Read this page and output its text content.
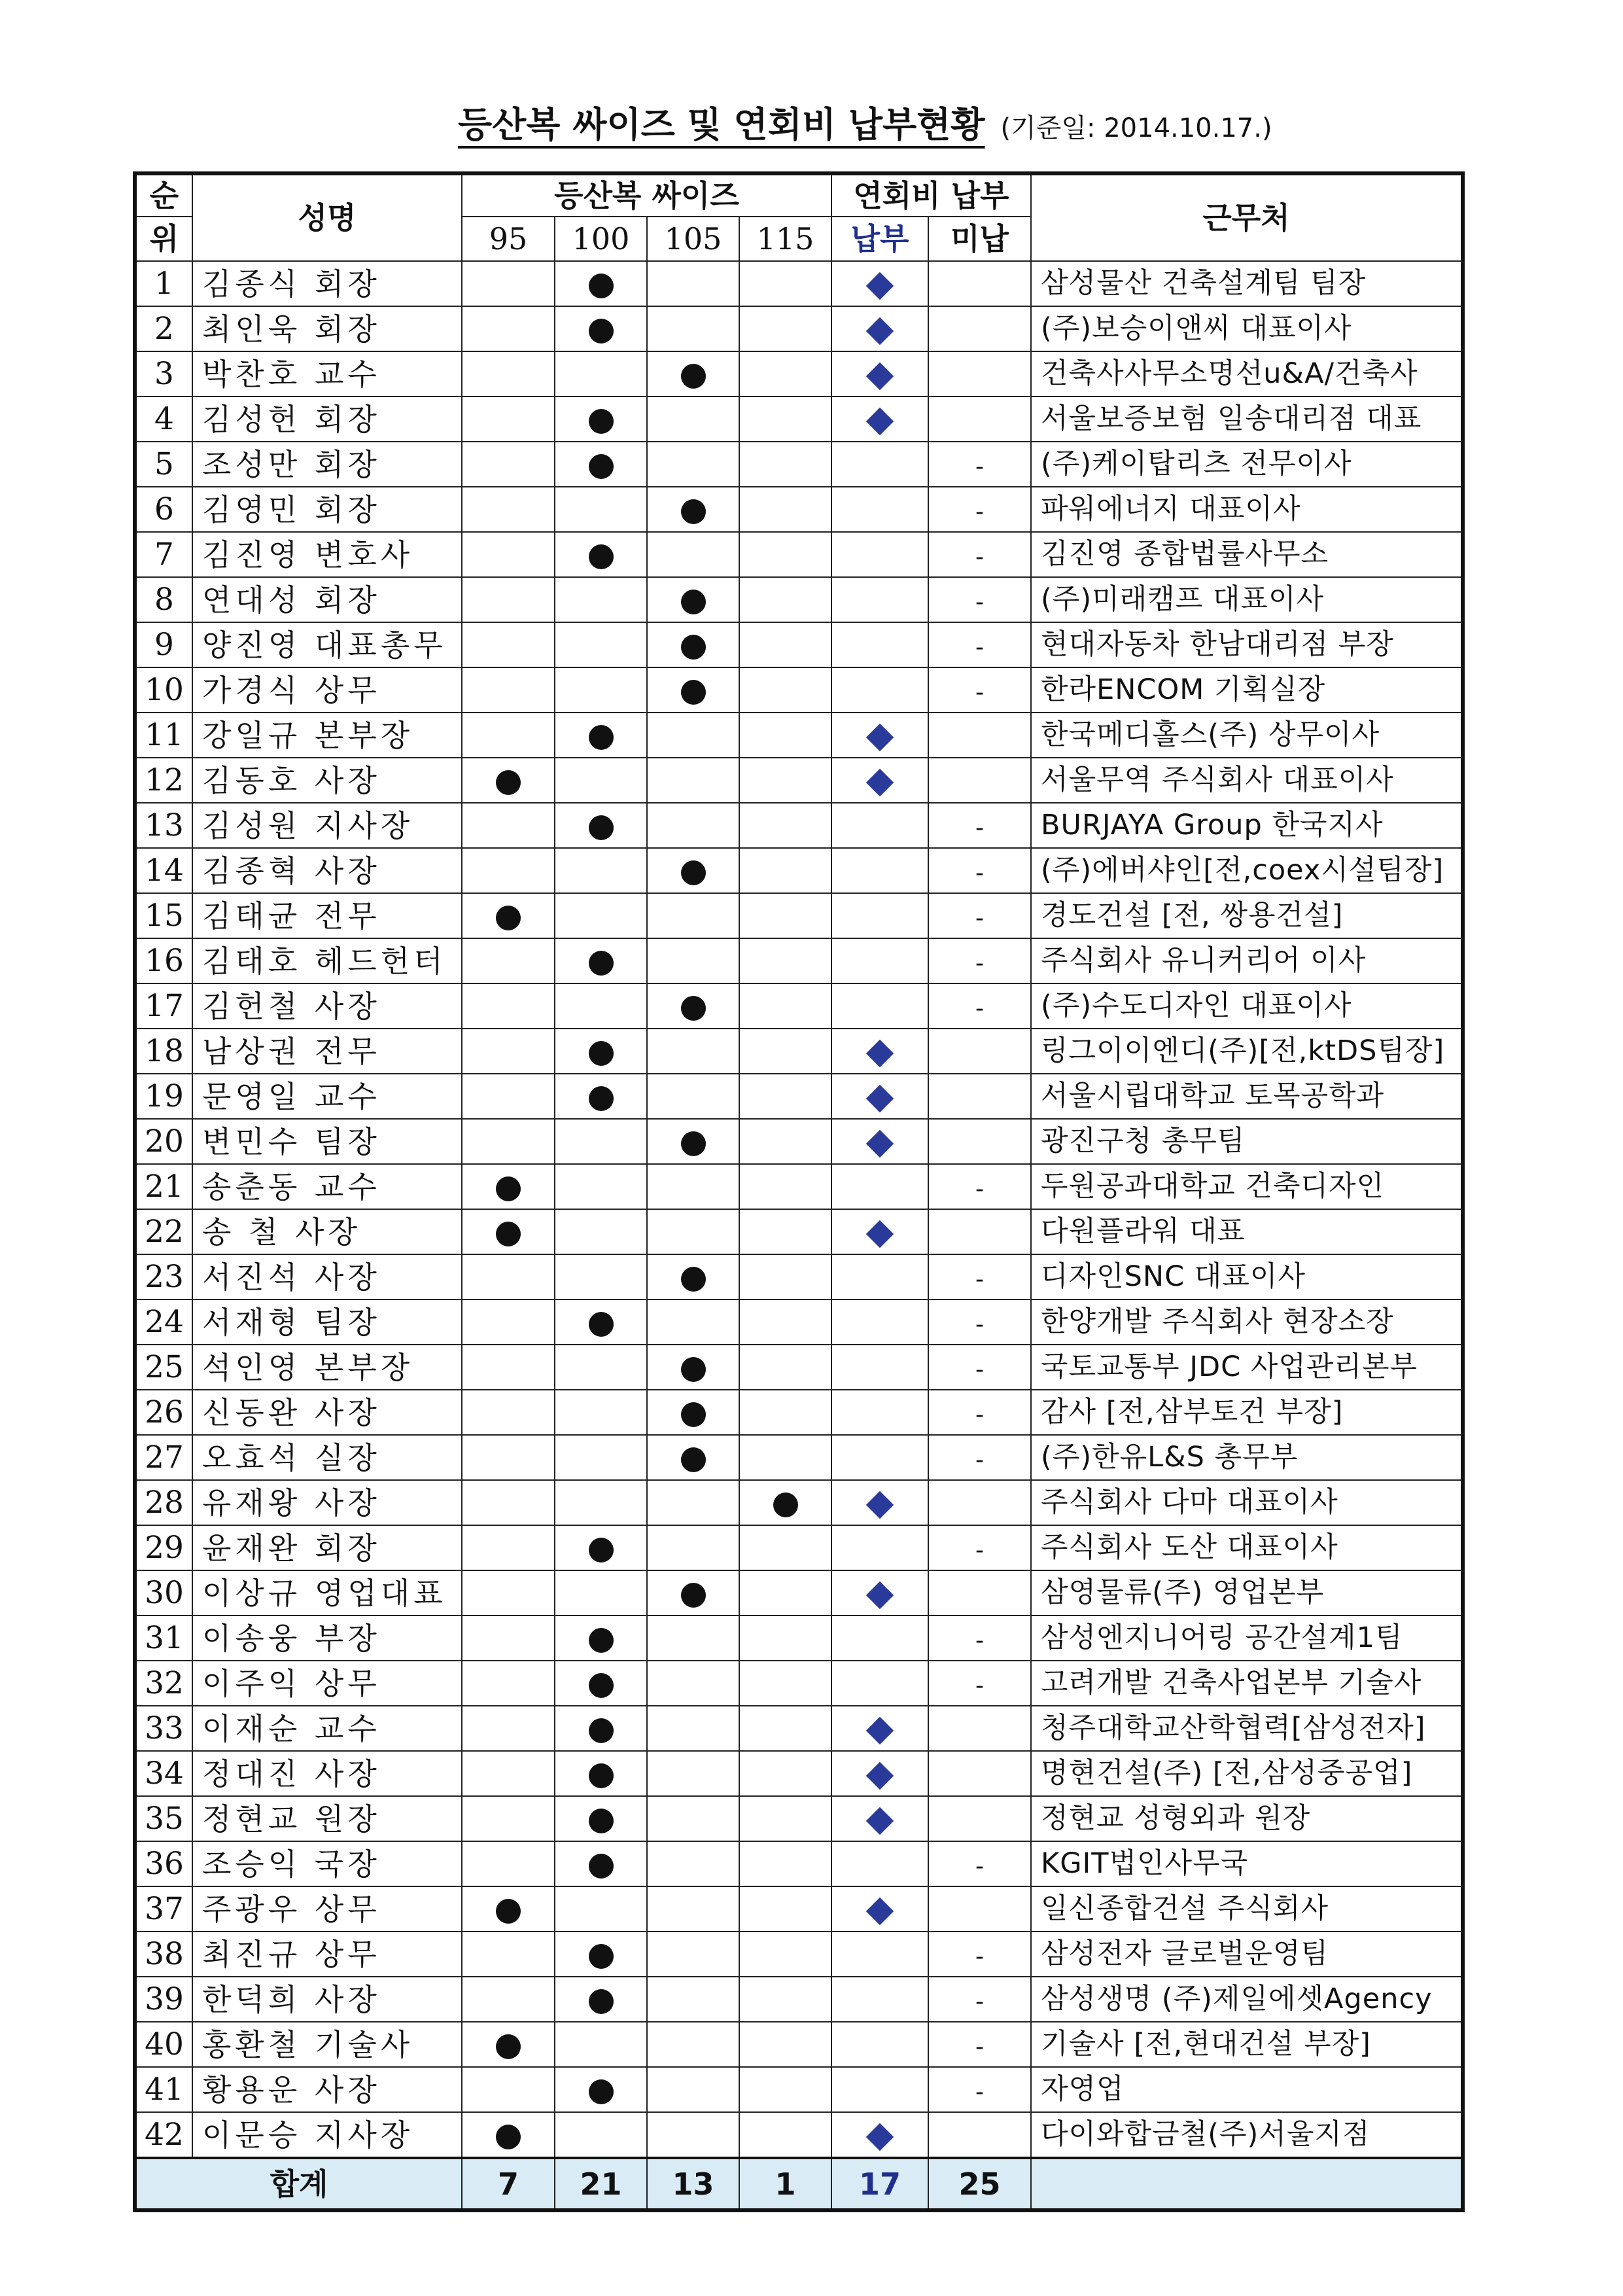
등산복 싸이즈 및 연회비 납부현황 (기준일: 2014.10.17.)
순	성명	등산복 싸이즈				연회비 납부		근무처
위		95	100	105	115	납부	미납	
1	김종식 회장							삼성물산 건축설계팀 팀장
2	최인욱 회장							(주)보승이앤씨 대표이사
3	박찬호 교수							건축사사무소명선u&A/건축사
4	김성헌 회장							서울보증보험 일송대리점 대표
5	조성만 회장						-	(주)케이탑리츠 전무이사
6	김영민 회장						-	파워에너지 대표이사
7	김진영 변호사						-	김진영 종합법률사무소
8	연대성 회장						-	(주)미래캠프 대표이사
9	양진영 대표총무						-	현대자동차 한남대리점 부장
10	가경식 상무						-	한라ENCOM 기획실장
11	강일규 본부장							한국메디홀스(주) 상무이사
12	김동호 사장							서울무역 주식회사 대표이사
13	김성원 지사장						-	BURJAYA Group 한국지사
14	김종혁 사장						-	(주)에버샤인[전,coex시설팀장]
15	김태균 전무						-	경도건설 [전, 쌍용건설]
16	김태호 헤드헌터						-	주식회사 유니커리어 이사
17	김헌철 사장						-	(주)수도디자인 대표이사
18	남상권 전무							링그이이엔디(주)[전,ktDS팀장]
19	문영일 교수							서울시립대학교 토목공학과
20	변민수 팀장							광진구청 총무팀
21	송춘동 교수						-	두원공과대학교 건축디자인
22	송 철 사장							다원플라워 대표
23	서진석 사장						-	디자인SNC 대표이사
24	서재형 팀장						-	한양개발 주식회사 현장소장
25	석인영 본부장						-	국토교통부 JDC 사업관리본부
26	신동완 사장						-	감사 [전,삼부토건 부장]
27	오효석 실장						-	(주)한유L&S 총무부
28	유재왕 사장							주식회사 다마 대표이사
29	윤재완 회장						-	주식회사 도산 대표이사
30	이상규 영업대표							삼영물류(주) 영업본부
31	이송웅 부장						-	삼성엔지니어링 공간설계1팀
32	이주익 상무						-	고려개발 건축사업본부 기술사
33	이재순 교수							청주대학교산학협력[삼성전자]
34	정대진 사장							명현건설(주) [전,삼성중공업]
35	정현교 원장							정현교 성형외과 원장
36	조승익 국장						-	KGIT법인사무국
37	주광우 상무							일신종합건설 주식회사
38	최진규 상무						-	삼성전자 글로벌운영팀
39	한덕희 사장						-	삼성생명 (주)제일에셋Agency
40	홍환철 기술사						-	기술사 [전,현대건설 부장]
41	황용운 사장						-	자영업
42	이문승 지사장							다이와합금철(주)서울지점
합계		7	21	13	1	17	25	
